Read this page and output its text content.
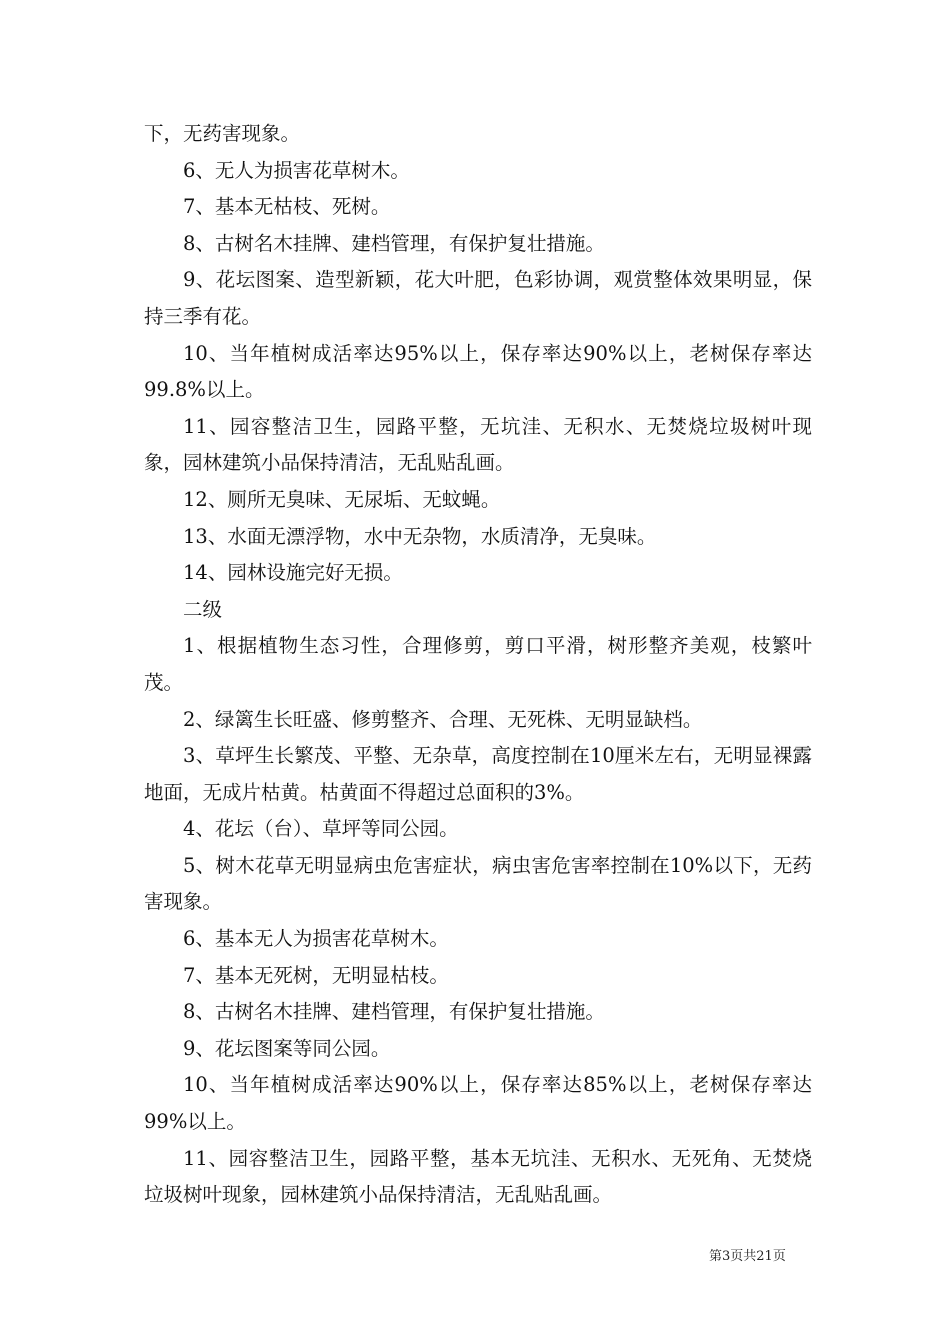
下，无药害现象。

6、无人为损害花草树木。

7、基本无枯枝、死树。

8、古树名木挂牌、建档管理，有保护复壮措施。

9、花坛图案、造型新颖，花大叶肥，色彩协调，观赏整体效果明显，保持三季有花。

10、当年植树成活率达95%以上，保存率达90%以上，老树保存率达99.8%以上。

11、园容整洁卫生，园路平整，无坑洼、无积水、无焚烧垃圾树叶现象，园林建筑小品保持清洁，无乱贴乱画。

12、厕所无臭味、无尿垢、无蚊蝇。

13、水面无漂浮物，水中无杂物，水质清净，无臭味。

14、园林设施完好无损。

二级

1、根据植物生态习性，合理修剪，剪口平滑，树形整齐美观，枝繁叶茂。

2、绿篱生长旺盛、修剪整齐、合理、无死株、无明显缺档。

3、草坪生长繁茂、平整、无杂草，高度控制在10厘米左右，无明显裸露地面，无成片枯黄。枯黄面不得超过总面积的3%。

4、花坛（台）、草坪等同公园。

5、树木花草无明显病虫危害症状，病虫害危害率控制在10%以下，无药害现象。

6、基本无人为损害花草树木。

7、基本无死树，无明显枯枝。

8、古树名木挂牌、建档管理，有保护复壮措施。

9、花坛图案等同公园。

10、当年植树成活率达90%以上，保存率达85%以上，老树保存率达99%以上。

11、园容整洁卫生，园路平整，基本无坑洼、无积水、无死角、无焚烧垃圾树叶现象，园林建筑小品保持清洁，无乱贴乱画。

第3页共21页
